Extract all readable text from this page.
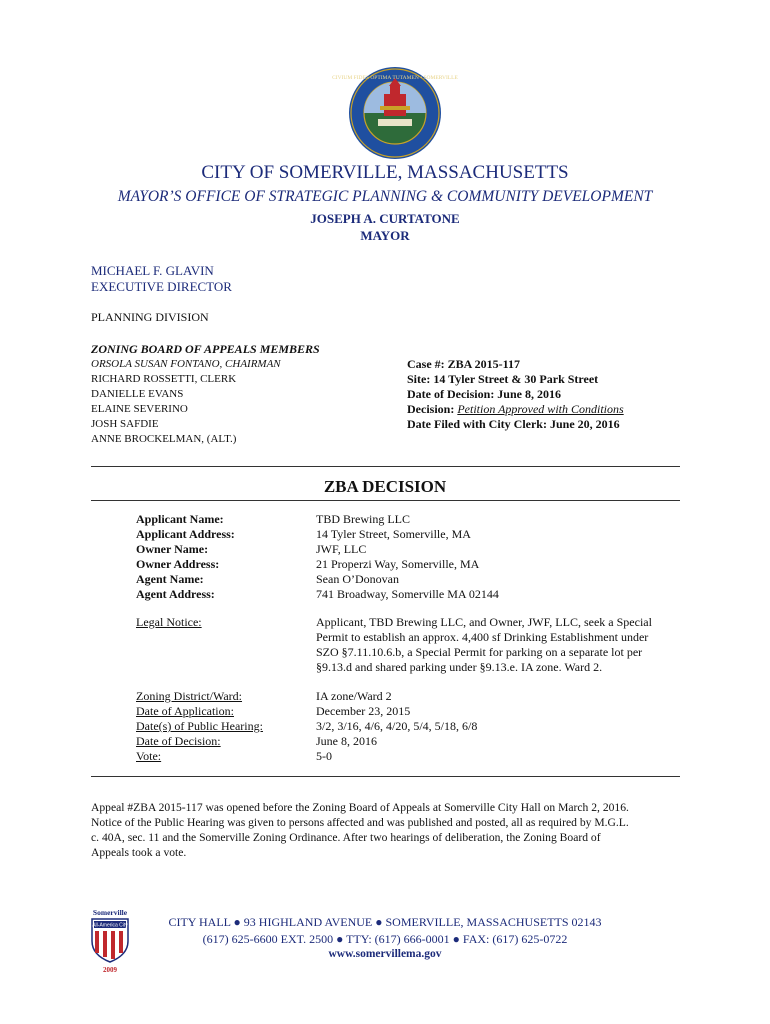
CIVIUM FIDES OPTIMA TUTAMEN • SOMERVILLE
CITY OF SOMERVILLE, MASSACHUSETTS
MAYOR’S OFFICE OF STRATEGIC PLANNING & COMMUNITY DEVELOPMENT
JOSEPH A. CURTATONE
MAYOR
MICHAEL F. GLAVIN
EXECUTIVE DIRECTOR
PLANNING DIVISION
ZONING BOARD OF APPEALS MEMBERS
ORSOLA SUSAN FONTANO, CHAIRMAN
RICHARD ROSSETTI, CLERK
DANIELLE EVANS
ELAINE SEVERINO
JOSH SAFDIE
ANNE BROCKELMAN, (ALT.)
Case #: ZBA 2015-117
Site: 14 Tyler Street & 30 Park Street
Date of Decision: June 8, 2016
Decision: Petition Approved with Conditions
Date Filed with City Clerk: June 20, 2016
ZBA DECISION
Applicant Name:
Applicant Address:
Owner Name:
Owner Address:
Agent Name:
Agent Address:
TBD Brewing LLC
14 Tyler Street, Somerville, MA
JWF, LLC
21 Properzi Way, Somerville, MA
Sean O’Donovan
741 Broadway, Somerville MA 02144
Legal Notice:	Applicant, TBD Brewing LLC, and Owner, JWF, LLC, seek a Special
Permit to establish an approx. 4,400 sf Drinking Establishment under
SZO §7.11.10.6.b, a Special Permit for parking on a separate lot per
§9.13.d and shared parking under §9.13.e. IA zone. Ward 2.
Zoning District/Ward:
Date of Application:
Date(s) of Public Hearing:
Date of Decision:
Vote:
IA zone/Ward 2
December 23, 2015
3/2, 3/16, 4/6, 4/20, 5/4, 5/18, 6/8
June 8, 2016
5-0
Appeal #ZBA 2015-117 was opened before the Zoning Board of Appeals at Somerville City Hall on March 2, 2016.
Notice of the Public Hearing was given to persons affected and was published and posted, all as required by M.G.L.
c. 40A, sec. 11 and the Somerville Zoning Ordinance. After two hearings of deliberation, the Zoning Board of
Appeals took a vote.
Somerville
All-America City
2009
CITY HALL ● 93 HIGHLAND AVENUE ● SOMERVILLE, MASSACHUSETTS 02143
(617) 625-6600 EXT. 2500 ● TTY: (617) 666-0001 ● FAX: (617) 625-0722
www.somervillema.gov
